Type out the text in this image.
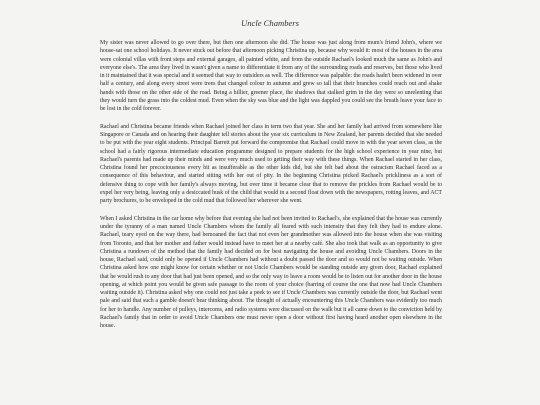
Uncle Chambers

My sister was never allowed to go over there, but then one afternoon she did. The house was just along from mum's friend John's, where we house-sat one school holidays. It never stuck out before that afternoon picking Christina up, because why would it: most of the houses in the area were colonial villas with front steps and external garages, all painted white, and from the outside Rachael's looked much the same as John's and everyone else's. The area they lived in wasn't given a name to differentiate it from any of the surrounding roads and reserves, but those who lived in it maintained that it was special and it seemed that way to outsiders as well. The difference was palpable: the roads hadn't been widened in over half a century, and along every street were trees that changed colour in autumn and grew so tall that their branches could reach out and shake hands with those on the other side of the road. Being a hillier, greener place, the shadows that stalked grim in the day were so unrelenting that they would turn the grass into the coldest mud. Even when the sky was blue and the light was dappled you could see the breath leave your face to be lost in the cold forever.

Rachael and Christina became friends when Rachael joined her class in term two that year. She and her family had arrived from somewhere like Singapore or Canada and on hearing their daughter tell stories about the year six curriculum in New Zealand, her parents decided that she needed to be put with the year eight students. Principal Barrett put forward the compromise that Rachael could move in with the year seven class, as the school had a fairly rigorous intermediate education programme designed to prepare students for the high school experience in year nine, but Rachael's parents had made up their minds and were very much used to getting their way with these things. When Rachael started in her class, Christina found her precociousness every bit as insufferable as the other kids did, but she felt bad about the ostracism Rachael faced as a consequence of this behaviour, and started sitting with her out of pity. In the beginning Christina picked Rachael's prickliness as a sort of defensive thing to cope with her family's always moving, but over time it became clear that to remove the prickles from Rachael would be to expel her very being, leaving only a desiccated husk of the child that would in a second float down with the newspapers, rotting leaves, and ACT party brochures, to be enveloped in the cold mud that followed her wherever she went.

When I asked Christina in the car home why before that evening she had not been invited to Rachael's, she explained that the house was currently under the tyranny of a man named Uncle Chambers whom the family all feared with such intensity that they felt they had to endure alone. Rachael, teary eyed on the way there, had bemoaned the fact that not even her grandmother was allowed into the house when she was visiting from Toronto, and that her mother and father would instead have to meet her at a nearby café. She also took that walk as an opportunity to give Christina a rundown of the method that the family had decided on for best navigating the house and avoiding Uncle Chambers. Doors in the house, Rachael said, could only be opened if Uncle Chambers had without a doubt passed the door and so would not be waiting outside. When Christina asked how one might know for certain whether or not Uncle Chambers would be standing outside any given door, Rachael explained that he would rush to any door that had just been opened, and so the only way to leave a room would be to listen out for another door in the house opening, at which point you would be given safe passage to the room of your choice (barring of course the one that now had Uncle Chambers waiting outside it). Christina asked why one could not just take a peek to see if Uncle Chambers was currently outside the door, but Rachael went pale and said that such a gamble doesn't bear thinking about. The thought of actually encountering this Uncle Chambers was evidently too much for her to handle. Any number of pulleys, intercoms, and radio systems were discussed on the walk but it all came down to the conviction held by Rachael's family that in order to avoid Uncle Chambers one must never open a door without first having heard another open elsewhere in the house.
